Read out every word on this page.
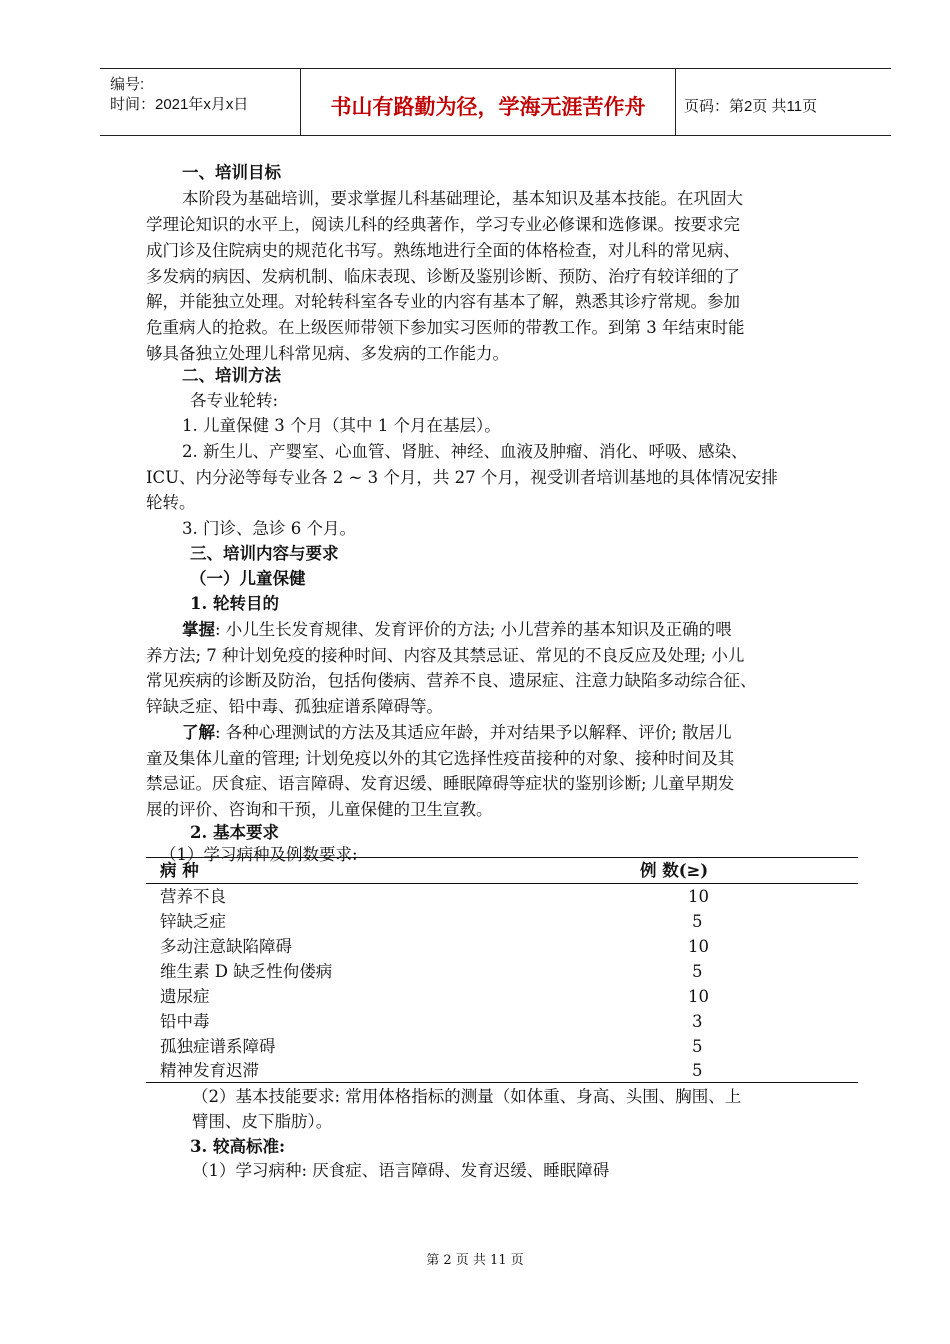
编号:
时间：2021年x月x日	书山有路勤为径，学海无涯苦作舟	页码：第2页 共11页
一、培训目标
本阶段为基础培训，要求掌握儿科基础理论，基本知识及基本技能。在巩固大
学理论知识的水平上，阅读儿科的经典著作，学习专业必修课和选修课。按要求完
成门诊及住院病史的规范化书写。熟练地进行全面的体格检查，对儿科的常见病、
多发病的病因、发病机制、临床表现、诊断及鉴别诊断、预防、治疗有较详细的了
解，并能独立处理。对轮转科室各专业的内容有基本了解，熟悉其诊疗常规。参加
危重病人的抢救。在上级医师带领下参加实习医师的带教工作。到第 3 年结束时能
够具备独立处理儿科常见病、多发病的工作能力。
二、培训方法
各专业轮转:
1. 儿童保健 3 个月（其中 1 个月在基层）。
2. 新生儿、产婴室、心血管、肾脏、神经、血液及肿瘤、消化、呼吸、感染、
ICU、内分泌等每专业各 2 ~ 3 个月，共 27 个月，视受训者培训基地的具体情况安排
轮转。
3. 门诊、急诊 6 个月。
三、培训内容与要求
（一）儿童保健
1. 轮转目的
掌握: 小儿生长发育规律、发育评价的方法; 小儿营养的基本知识及正确的喂
养方法; 7 种计划免疫的接种时间、内容及其禁忌证、常见的不良反应及处理; 小儿
常见疾病的诊断及防治，包括佝偻病、营养不良、遗尿症、注意力缺陷多动综合征、
锌缺乏症、铅中毒、孤独症谱系障碍等。
了解: 各种心理测试的方法及其适应年龄，并对结果予以解释、评价; 散居儿
童及集体儿童的管理; 计划免疫以外的其它选择性疫苗接种的对象、接种时间及其
禁忌证。厌食症、语言障碍、发育迟缓、睡眠障碍等症状的鉴别诊断; 儿童早期发
展的评价、咨询和干预，儿童保健的卫生宣教。
2. 基本要求
（1）学习病种及例数要求:
病 种	例 数(≥)
营养不良	10
锌缺乏症	5
多动注意缺陷障碍	10
维生素 D 缺乏性佝偻病	5
遗尿症	10
铅中毒	3
孤独症谱系障碍	5
精神发育迟滞	5
（2）基本技能要求: 常用体格指标的测量（如体重、身高、头围、胸围、上
臂围、皮下脂肪）。
3. 较高标准:
（1）学习病种: 厌食症、语言障碍、发育迟缓、睡眠障碍
第 2 页 共 11 页
